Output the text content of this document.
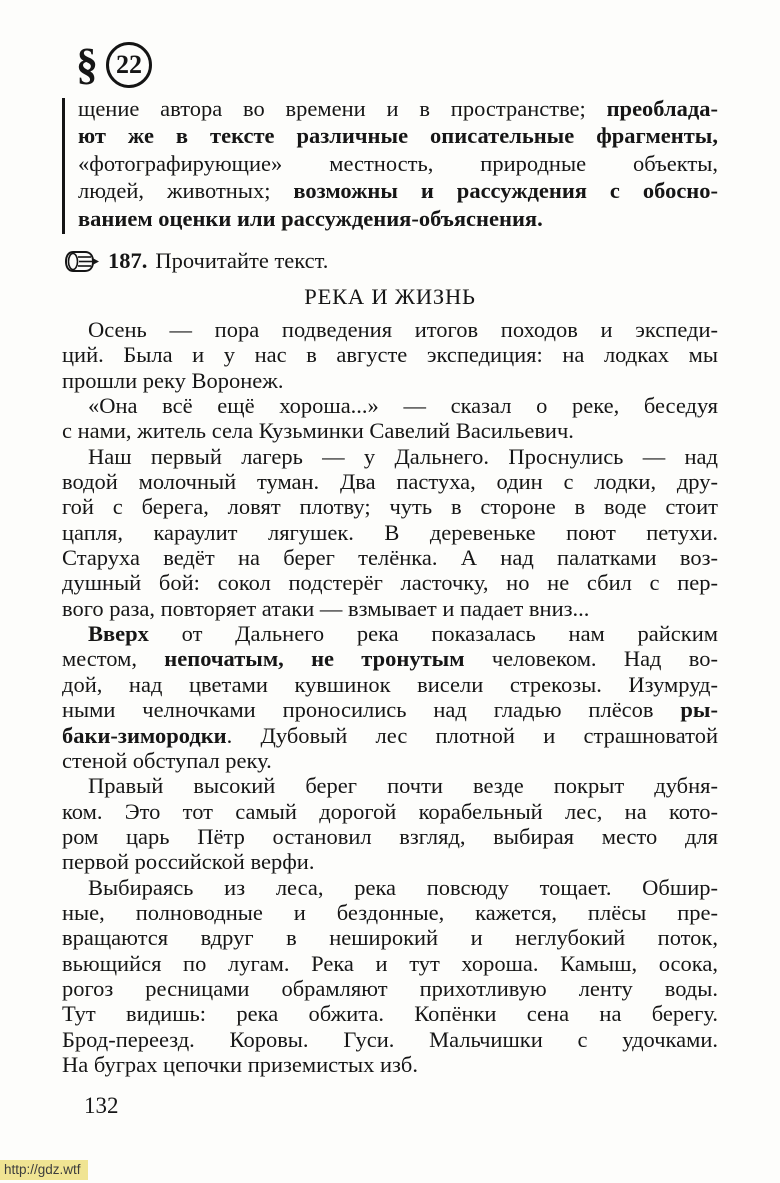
§ 22
щение автора во времени и в пространстве; преоблада-
ют же в тексте различные описательные фрагменты,
«фотографирующие» местность, природные объекты,
людей, животных; возможны и рассуждения с обосно-
ванием оценки или рассуждения-объяснения.
187. Прочитайте текст.
РЕКА И ЖИЗНЬ
Осень — пора подведения итогов походов и экспеди-
ций. Была и у нас в августе экспедиция: на лодках мы
прошли реку Воронеж.
«Она всё ещё хороша...» — сказал о реке, беседуя
с нами, житель села Кузьминки Савелий Васильевич.
Наш первый лагерь — у Дальнего. Проснулись — над
водой молочный туман. Два пастуха, один с лодки, дру-
гой с берега, ловят плотву; чуть в стороне в воде стоит
цапля, караулит лягушек. В деревеньке поют петухи.
Старуха ведёт на берег телёнка. А над палатками воз-
душный бой: сокол подстерёг ласточку, но не сбил с пер-
вого раза, повторяет атаки — взмывает и падает вниз...
Вверх от Дальнего река показалась нам райским
местом, непочатым, не тронутым человеком. Над во-
дой, над цветами кувшинок висели стрекозы. Изумруд-
ными челночками проносились над гладью плёсов ры-
баки-зимородки. Дубовый лес плотной и страшноватой
стеной обступал реку.
Правый высокий берег почти везде покрыт дубня-
ком. Это тот самый дорогой корабельный лес, на кото-
ром царь Пётр остановил взгляд, выбирая место для
первой российской верфи.
Выбираясь из леса, река повсюду тощает. Обшир-
ные, полноводные и бездонные, кажется, плёсы пре-
вращаются вдруг в неширокий и неглубокий поток,
вьющийся по лугам. Река и тут хороша. Камыш, осока,
рогоз ресницами обрамляют прихотливую ленту воды.
Тут видишь: река обжита. Копёнки сена на берегу.
Брод-переезд. Коровы. Гуси. Мальчишки с удочками.
На буграх цепочки приземистых изб.
132
http://gdz.wtf
